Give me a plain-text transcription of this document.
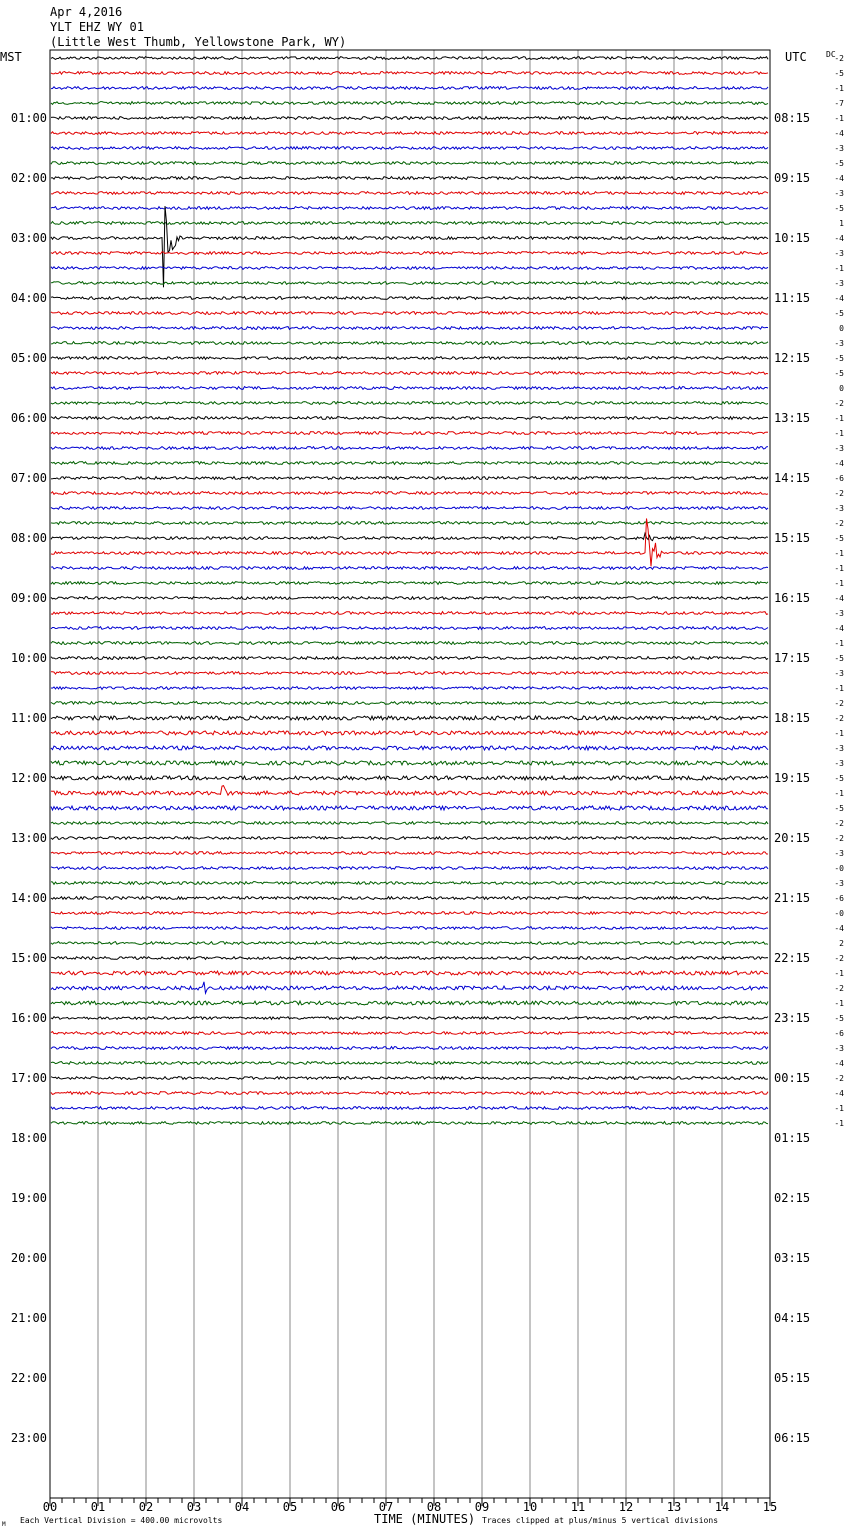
Apr 4,2016
YLT EHZ WY 01
(Little West Thumb, Yellowstone Park, WY)
MST	UTC DC
01:00
02:00
03:00
04:00
05:00
06:00
07:00
08:00
09:00
10:00
11:00
12:00
13:00
14:00
15:00
16:00
17:00
18:00
19:00
20:00
21:00
22:00
23:00
08:15
09:15
10:15
11:15
12:15
13:15
14:15
15:15
16:15
17:15
18:15
19:15
20:15
21:15
22:15
23:15
00:15
01:15
02:15
03:15
04:15
05:15
06:15
-2
-5
-1
-7
-1
-4
-3
-5
-4
-3
-5
1
-4
-3
-1
-3
-4
-5
0
-3
-5
-5
0
-2
-1
-1
-3
-4
-6
-2
-3
-2
-5
-1
-1
-1
-4
-3
-4
-1
-5
-3
-1
-2
-2
-1
-3
-3
-5
-1
-5
-2
-2
-3
-0
-3
-6
-0
-4
2
-2
-1
-2
-1
-5
-6
-3
-4
-2
-4
-1
-1
00	01	02	03	04	05	06	07	08	09	10	11	12	13	14	15
TIME (MINUTES)
Each Vertical Division = 400.00 microvolts	Traces clipped at plus/minus 5 vertical divisions
M
